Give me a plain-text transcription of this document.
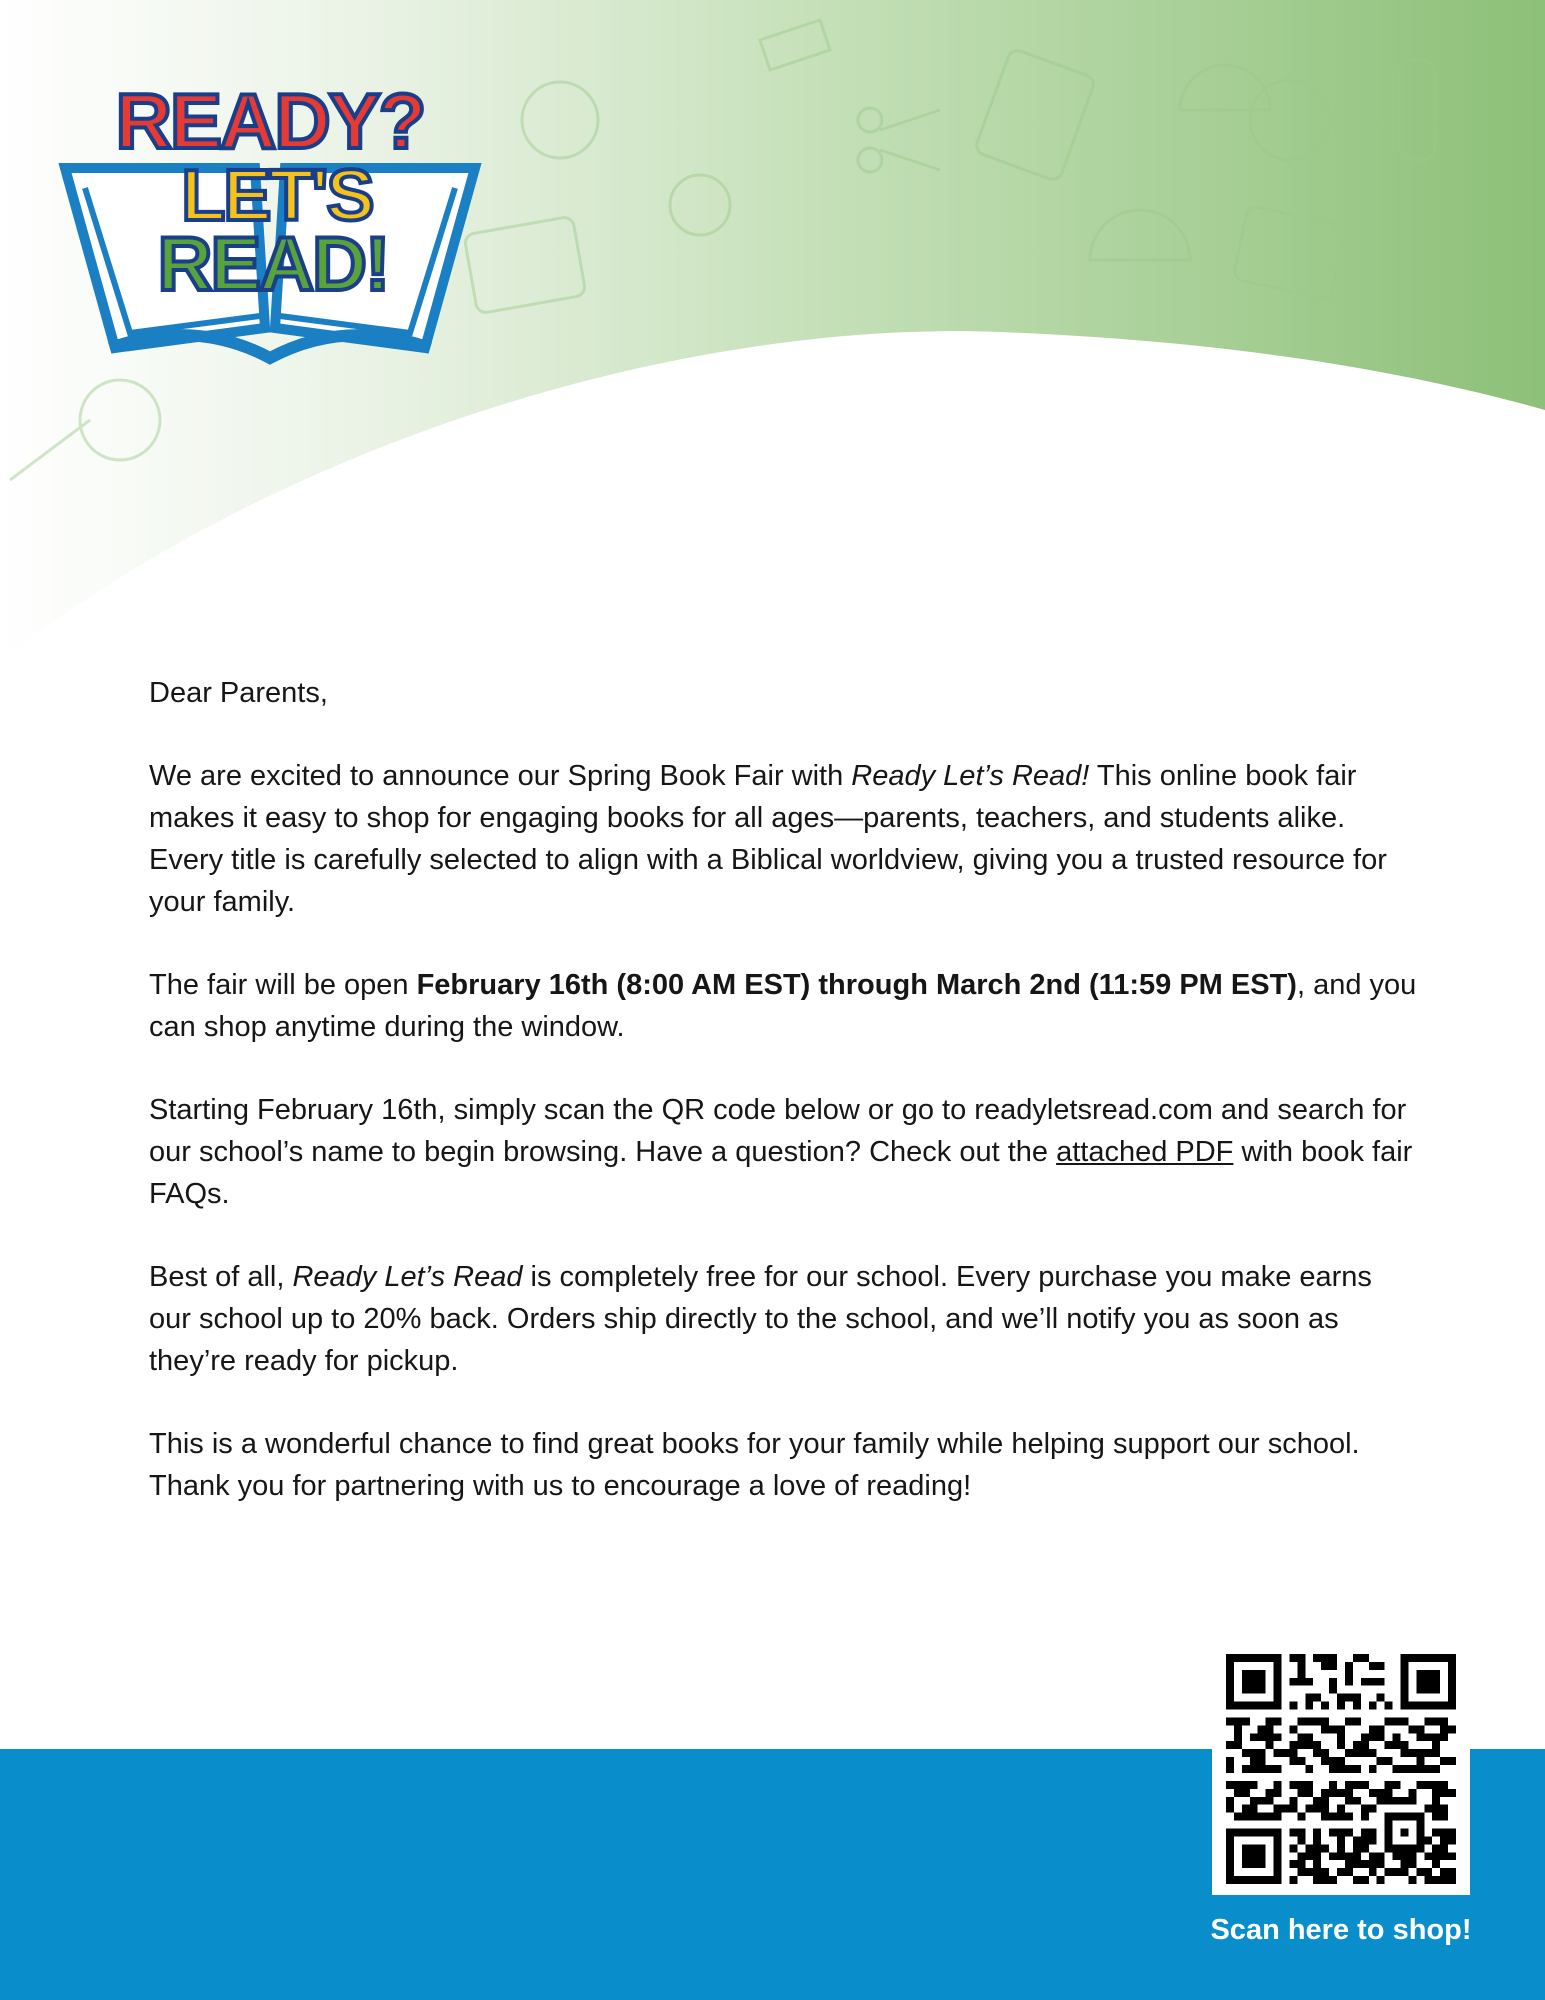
READY?
LET'S
READ!

Dear Parents,

We are excited to announce our Spring Book Fair with Ready Let’s Read! This online book fair makes it easy to shop for engaging books for all ages—parents, teachers, and students alike. Every title is carefully selected to align with a Biblical worldview, giving you a trusted resource for your family.

The fair will be open February 16th (8:00 AM EST) through March 2nd (11:59 PM EST), and you can shop anytime during the window.

Starting February 16th, simply scan the QR code below or go to readyletsread.com and search for our school’s name to begin browsing. Have a question? Check out the attached PDF with book fair FAQs.

Best of all, Ready Let’s Read is completely free for our school. Every purchase you make earns our school up to 20% back. Orders ship directly to the school, and we’ll notify you as soon as they’re ready for pickup.

This is a wonderful chance to find great books for your family while helping support our school. Thank you for partnering with us to encourage a love of reading!

Scan here to shop!
